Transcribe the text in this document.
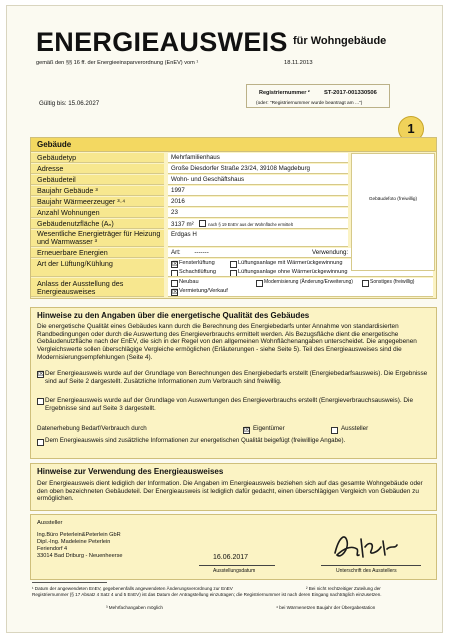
ENERGIEAUSWEIS für Wohngebäude
gemäß den §§ 16 ff. der Energieeinsparverordnung (EnEV) vom ¹	18.11.2013
Gültig bis: 15.06.2027
Registriernummer ² ST-2017-001330506
(oder: "Registriernummer wurde beantragt am ...")
1
Gebäude
Gebäudetyp	Mehrfamilienhaus
Adresse	Große Diesdorfer Straße 23/24, 39108 Magdeburg
Gebäudeteil	Wohn- und Geschäftshaus
Baujahr Gebäude ³	1997
Baujahr Wärmeerzeuger ³·⁴	2016
Anzahl Wohnungen	23
Gebäudenutzfläche (Aₙ)	3137 m²	nach § 19 EnEV aus der Wohnfläche ermittelt
Wesentliche Energieträger für Heizung und Warmwasser ³
Erdgas H
Erneuerbare Energien	Art: -------	Verwendung:
Art der Lüftung/Kühlung	☒ Fensterlüftung	Lüftungsanlage mit Wärmerückgewinnung
Schachtlüftung	Lüftungsanlage ohne Wärmerückgewinnung
Anlass der Ausstellung des Energieausweises
Neubau	Modernisierung (Änderung/Erweiterung)	Sonstiges (freiwillig)
☒ Vermietung/Verkauf
Gebäudefoto (freiwillig)
Hinweise zu den Angaben über die energetische Qualität des Gebäudes
Die energetische Qualität eines Gebäudes kann durch die Berechnung des Energiebedarfs unter Annahme von standardisierten Randbedingungen oder durch die Auswertung des Energieverbrauchs ermittelt werden. Als Bezugsfläche dient die energetische Gebäudenutzfläche nach der EnEV, die sich in der Regel von den allgemeinen Wohnflächenangaben unterscheidet. Die angegebenen Vergleichswerte sollen überschlägige Vergleiche ermöglichen (Erläuterungen - siehe Seite 5). Teil des Energieausweises sind die Modernisierungsempfehlungen (Seite 4).
☒ Der Energieausweis wurde auf der Grundlage von Berechnungen des Energiebedarfs erstellt (Energiebedarfsausweis). Die Ergebnisse sind auf Seite 2 dargestellt. Zusätzliche Informationen zum Verbrauch sind freiwillig.
Der Energieausweis wurde auf der Grundlage von Auswertungen des Energieverbrauchs erstellt (Energieverbrauchsausweis). Die Ergebnisse sind auf Seite 3 dargestellt.
Datenerhebung Bedarf/Verbrauch durch	☒ Eigentümer	Aussteller
Dem Energieausweis sind zusätzliche Informationen zur energetischen Qualität beigefügt (freiwillige Angabe).
Hinweise zur Verwendung des Energieausweises
Der Energieausweis dient lediglich der Information. Die Angaben im Energieausweis beziehen sich auf das gesamte Wohngebäude oder den oben bezeichneten Gebäudeteil. Der Energieausweis ist lediglich dafür gedacht, einen überschlägigen Vergleich von Gebäuden zu ermöglichen.
Aussteller
Ing.Büro Peterlein&Peterlein GbR
Dipl.-Ing. Madeleine Peterlein
Feriendorf 4
33014 Bad Driburg - Neuenheerse	16.06.2017
Ausstellungsdatum	Unterschrift des Ausstellers
¹ Datum der angewendeten EnEV, gegebenenfalls angewendeten Änderungsverordnung zur EnEV	² Bei nicht rechtzeitiger Zuteilung der
Registriernummer (§ 17 Absatz 4 Satz 4 und 5 EnEV) ist das Datum der Antragstellung einzutragen; die Registriernummer ist nach deren Eingang nachträglich einzusetzen.
³ Mehrfachangaben möglich	⁴ bei Wärmenetzen Baujahr der Übergabestation
